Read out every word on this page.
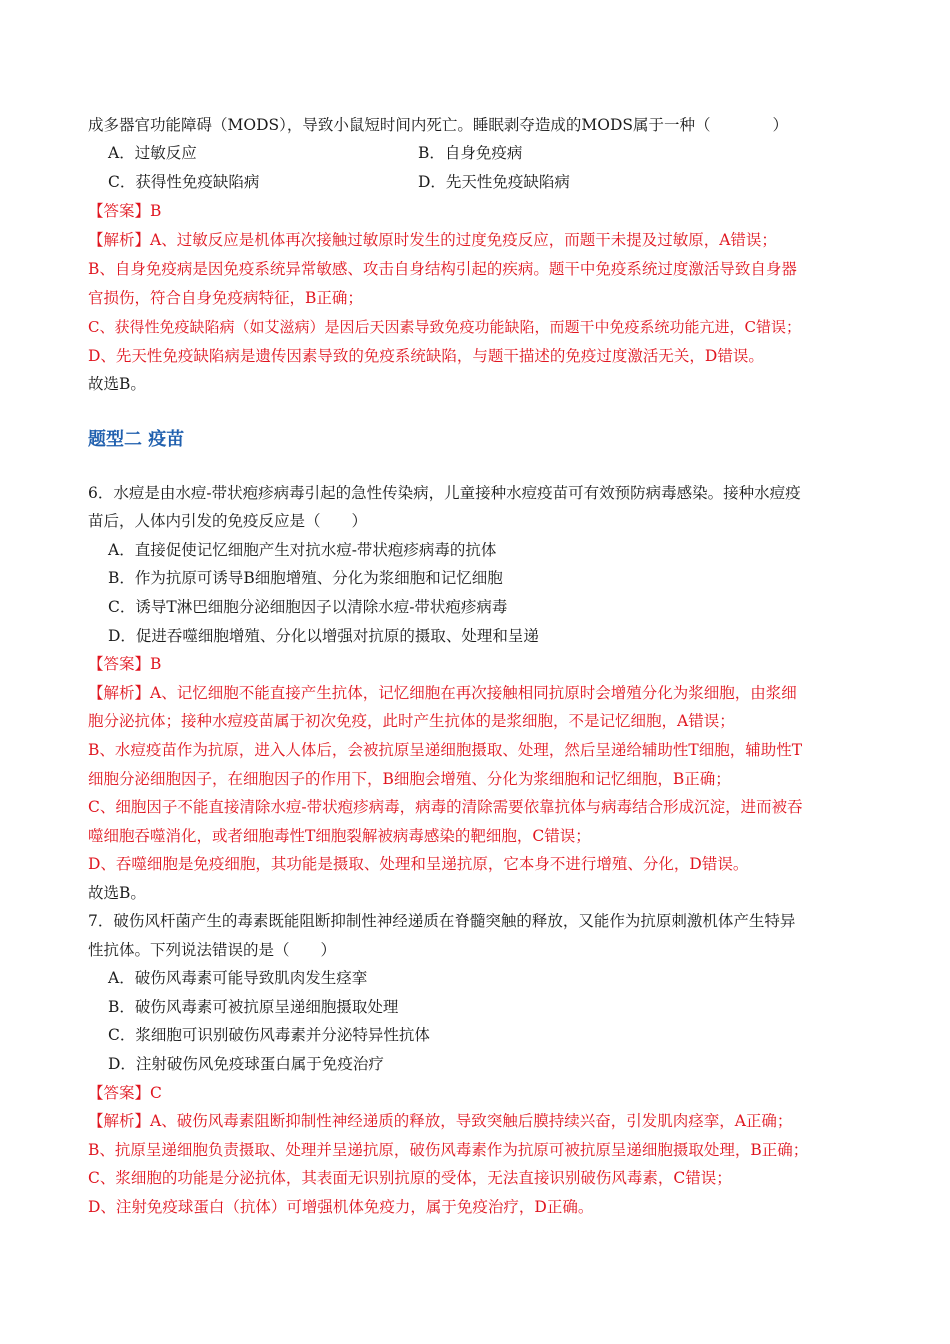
成多器官功能障碍（MODS），导致小鼠短时间内死亡。睡眠剥夺造成的MODS属于一种（　　　　）
A．过敏反应	B．自身免疫病
C．获得性免疫缺陷病	D．先天性免疫缺陷病
【答案】B
【解析】A、过敏反应是机体再次接触过敏原时发生的过度免疫反应，而题干未提及过敏原，A错误；
B、自身免疫病是因免疫系统异常敏感、攻击自身结构引起的疾病。题干中免疫系统过度激活导致自身器
官损伤，符合自身免疫病特征，B正确；
C、获得性免疫缺陷病（如艾滋病）是因后天因素导致免疫功能缺陷，而题干中免疫系统功能亢进，C错误；
D、先天性免疫缺陷病是遗传因素导致的免疫系统缺陷，与题干描述的免疫过度激活无关，D错误。
故选B。
题型二 疫苗
6．水痘是由水痘-带状疱疹病毒引起的急性传染病，儿童接种水痘疫苗可有效预防病毒感染。接种水痘疫
苗后，人体内引发的免疫反应是（　　）
A．直接促使记忆细胞产生对抗水痘-带状疱疹病毒的抗体
B．作为抗原可诱导B细胞增殖、分化为浆细胞和记忆细胞
C．诱导T淋巴细胞分泌细胞因子以清除水痘-带状疱疹病毒
D．促进吞噬细胞增殖、分化以增强对抗原的摄取、处理和呈递
【答案】B
【解析】A、记忆细胞不能直接产生抗体，记忆细胞在再次接触相同抗原时会增殖分化为浆细胞，由浆细
胞分泌抗体；接种水痘疫苗属于初次免疫，此时产生抗体的是浆细胞，不是记忆细胞，A错误；
B、水痘疫苗作为抗原，进入人体后，会被抗原呈递细胞摄取、处理，然后呈递给辅助性T细胞，辅助性T
细胞分泌细胞因子，在细胞因子的作用下，B细胞会增殖、分化为浆细胞和记忆细胞，B正确；
C、细胞因子不能直接清除水痘-带状疱疹病毒，病毒的清除需要依靠抗体与病毒结合形成沉淀，进而被吞
噬细胞吞噬消化，或者细胞毒性T细胞裂解被病毒感染的靶细胞，C错误；
D、吞噬细胞是免疫细胞，其功能是摄取、处理和呈递抗原，它本身不进行增殖、分化，D错误。
故选B。
7．破伤风杆菌产生的毒素既能阻断抑制性神经递质在脊髓突触的释放，又能作为抗原刺激机体产生特异
性抗体。下列说法错误的是（　　）
A．破伤风毒素可能导致肌肉发生痉挛
B．破伤风毒素可被抗原呈递细胞摄取处理
C．浆细胞可识别破伤风毒素并分泌特异性抗体
D．注射破伤风免疫球蛋白属于免疫治疗
【答案】C
【解析】A、破伤风毒素阻断抑制性神经递质的释放，导致突触后膜持续兴奋，引发肌肉痉挛，A正确；
B、抗原呈递细胞负责摄取、处理并呈递抗原，破伤风毒素作为抗原可被抗原呈递细胞摄取处理，B正确；
C、浆细胞的功能是分泌抗体，其表面无识别抗原的受体，无法直接识别破伤风毒素，C错误；
D、注射免疫球蛋白（抗体）可增强机体免疫力，属于免疫治疗，D正确。
